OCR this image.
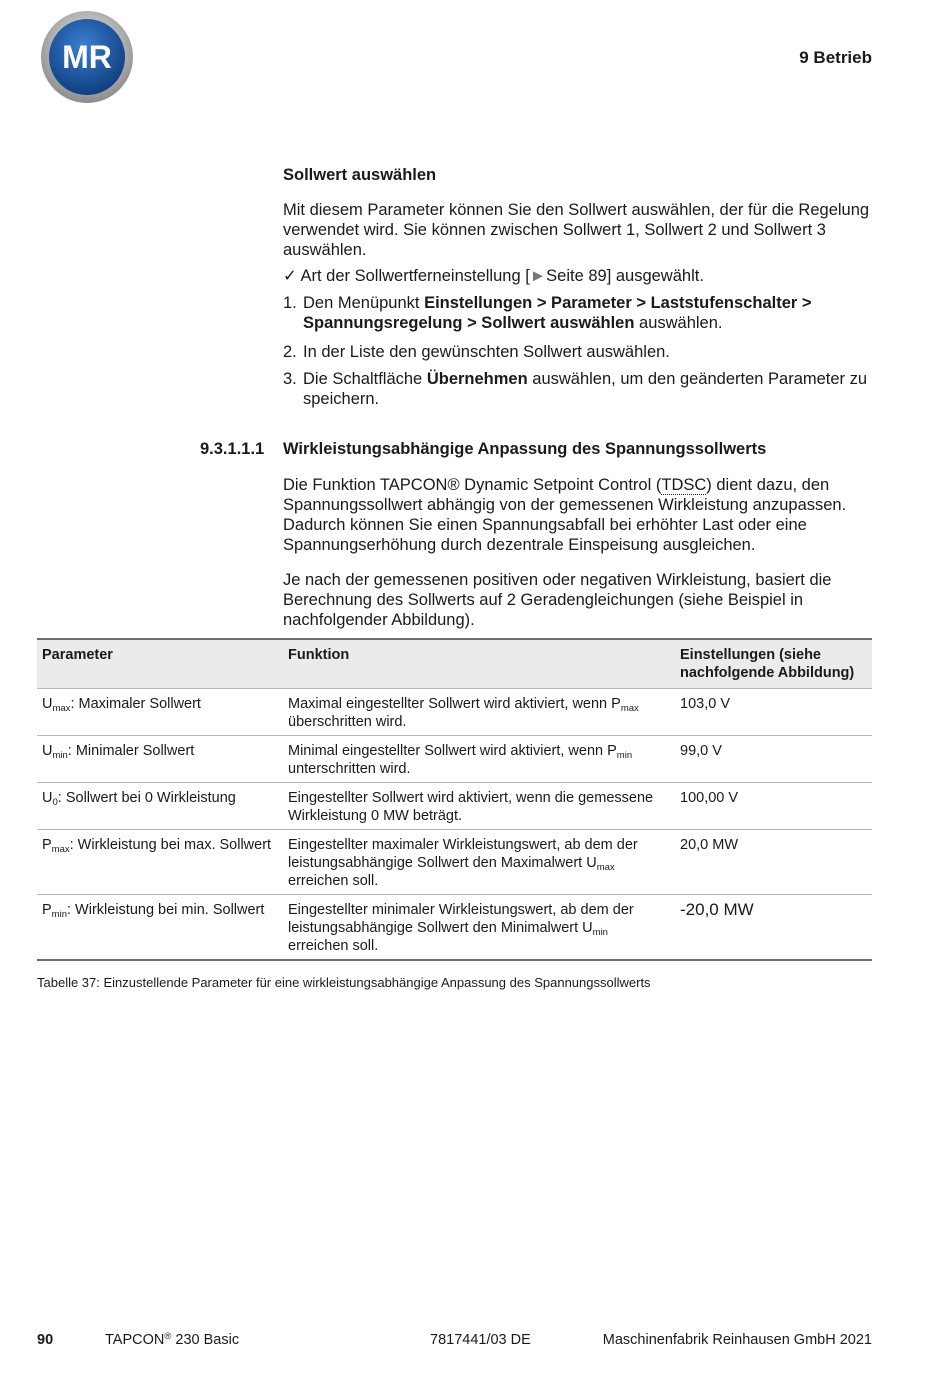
MR	9 Betrieb
Sollwert auswählen
Mit diesem Parameter können Sie den Sollwert auswählen, der für die Regelung verwendet wird. Sie können zwischen Sollwert 1, Sollwert 2 und Sollwert 3 auswählen.
✓ Art der Sollwertferneinstellung [►Seite 89] ausgewählt.
1. Den Menüpunkt Einstellungen > Parameter > Laststufenschalter > Spannungsregelung > Sollwert auswählen auswählen.
2. In der Liste den gewünschten Sollwert auswählen.
3. Die Schaltfläche Übernehmen auswählen, um den geänderten Parameter zu speichern.
9.3.1.1.1 Wirkleistungsabhängige Anpassung des Spannungssollwerts
Die Funktion TAPCON® Dynamic Setpoint Control (TDSC) dient dazu, den Spannungssollwert abhängig von der gemessenen Wirkleistung anzupassen. Dadurch können Sie einen Spannungsabfall bei erhöhter Last oder eine Spannungserhöhung durch dezentrale Einspeisung ausgleichen.
Je nach der gemessenen positiven oder negativen Wirkleistung, basiert die Berechnung des Sollwerts auf 2 Geradengleichungen (siehe Beispiel in nachfolgender Abbildung).
Parameter	Funktion	Einstellungen (siehe nachfolgende Abbildung)
$U_{max}$: Maximaler Sollwert	Maximal eingestellter Sollwert wird aktiviert, wenn $P_{max}$ überschritten wird.	103,0 V
$U_{min}$: Minimaler Sollwert	Minimal eingestellter Sollwert wird aktiviert, wenn $P_{min}$ unterschritten wird.	99,0 V
$U_0$: Sollwert bei 0 Wirkleistung	Eingestellter Sollwert wird aktiviert, wenn die gemessene Wirkleistung 0 MW beträgt.	100,00 V
$P_{max}$: Wirkleistung bei max. Sollwert	Eingestellter maximaler Wirkleistungswert, ab dem der leistungsabhängige Sollwert den Maximalwert $U_{max}$ erreichen soll.	20,0 MW
$P_{min}$: Wirkleistung bei min. Sollwert	Eingestellter minimaler Wirkleistungswert, ab dem der leistungsabhängige Sollwert den Minimalwert $U_{min}$ erreichen soll.	-20,0 MW
Tabelle 37: Einzustellende Parameter für eine wirkleistungsabhängige Anpassung des Spannungssollwerts
90	TAPCON® 230 Basic	7817441/03 DE	Maschinenfabrik Reinhausen GmbH 2021
